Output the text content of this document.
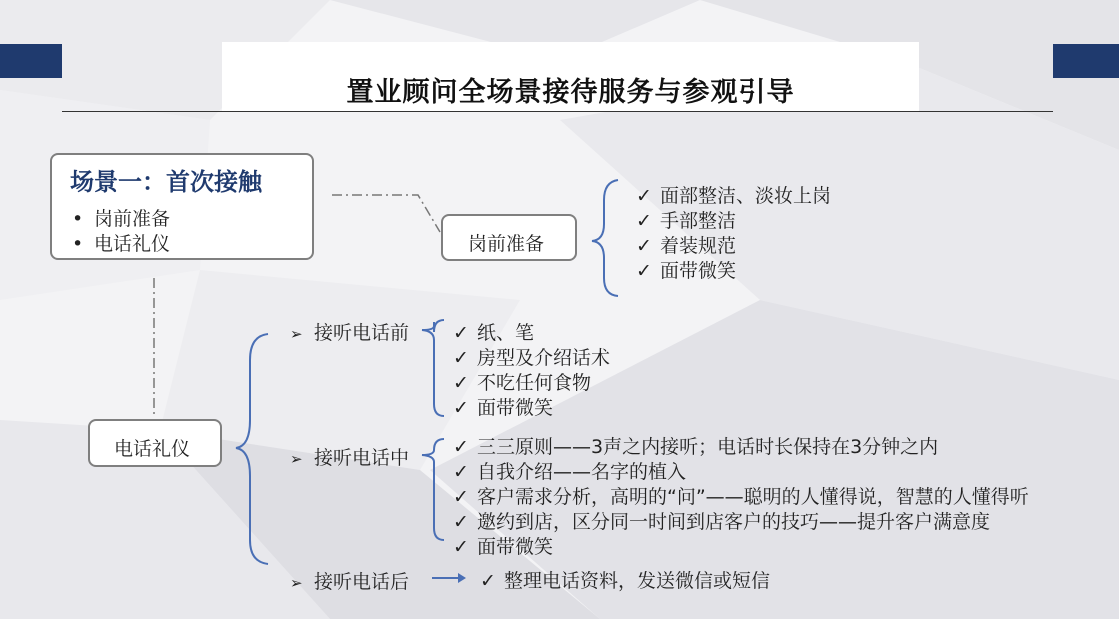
置业顾问全场景接待服务与参观引导
场景一：首次接触
• 岗前准备
• 电话礼仪	岗前准备
✓ 面部整洁、淡妆上岗
✓ 手部整洁
✓ 着装规范
✓ 面带微笑
电话礼仪
➢ 接听电话前
➢ 接听电话中
➢ 接听电话后
✓ 纸、笔
✓ 房型及介绍话术
✓ 不吃任何食物
✓ 面带微笑
✓ 三三原则——3声之内接听；电话时长保持在3分钟之内
✓ 自我介绍——名字的植入
✓ 客户需求分析，高明的“问”——聪明的人懂得说，智慧的人懂得听
✓ 邀约到店，区分同一时间到店客户的技巧——提升客户满意度
✓ 面带微笑
✓ 整理电话资料，发送微信或短信
